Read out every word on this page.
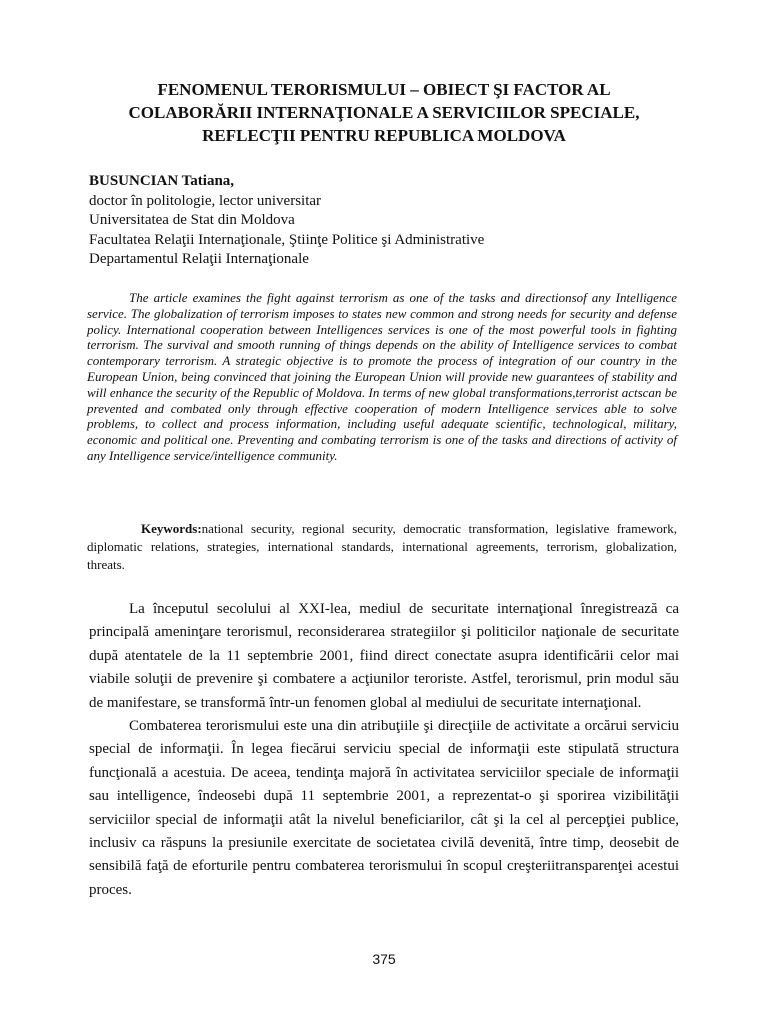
FENOMENUL TERORISMULUI – OBIECT ŞI FACTOR AL
COLABORĂRII INTERNAŢIONALE A SERVICIILOR SPECIALE,
REFLECŢII PENTRU REPUBLICA MOLDOVA
BUSUNCIAN Tatiana,
doctor în politologie, lector universitar
Universitatea de Stat din Moldova
Facultatea Relaţii Internaţionale, Ştiinţe Politice şi Administrative
Departamentul Relaţii Internaţionale

The article examines the fight against terrorism as one of the tasks and directionsof any Intelligence service. The globalization of terrorism imposes to states new common and strong needs for security and defense policy. International cooperation between Intelligences services is one of the most powerful tools in fighting terrorism. The survival and smooth running of things depends on the ability of Intelligence services to combat contemporary terrorism. A strategic objective is to promote the process of integration of our country in the European Union, being convinced that joining the European Union will provide new guarantees of stability and will enhance the security of the Republic of Moldova. In terms of new global transformations,terrorist actscan be prevented and combated only through effective cooperation of modern Intelligence services able to solve problems, to collect and process information, including useful adequate scientific, technological, military, economic and political one. Preventing and combating terrorism is one of the tasks and directions of activity of any Intelligence service/intelligence community.

Keywords:national security, regional security, democratic transformation, legislative framework, diplomatic relations, strategies, international standards, international agreements, terrorism, globalization, threats.

La începutul secolului al XXI-lea, mediul de securitate internaţional înregistrează ca principală ameninţare terorismul, reconsiderarea strategiilor şi politicilor naţionale de securitate după atentatele de la 11 septembrie 2001, fiind direct conectate asupra identificării celor mai viabile soluţii de prevenire şi combatere a acţiunilor teroriste. Astfel, terorismul, prin modul său de manifestare, se transformă într-un fenomen global al mediului de securitate internaţional.

Combaterea terorismului este una din atribuţiile şi direcţiile de activitate a orcărui serviciu special de informaţii. În legea fiecărui serviciu special de informaţii este stipulată structura funcţională a acestuia. De aceea, tendinţa majoră în activitatea serviciilor speciale de informaţii sau intelligence, îndeosebi după 11 septembrie 2001, a reprezentat-o şi sporirea vizibilităţii serviciilor special de informaţii atât la nivelul beneficiarilor, cât şi la cel al percepţiei publice, inclusiv ca răspuns la presiunile exercitate de societatea civilă devenită, între timp, deosebit de sensibilă faţă de eforturile pentru combaterea terorismului în scopul creşteriitransparenţei acestui proces.

375
